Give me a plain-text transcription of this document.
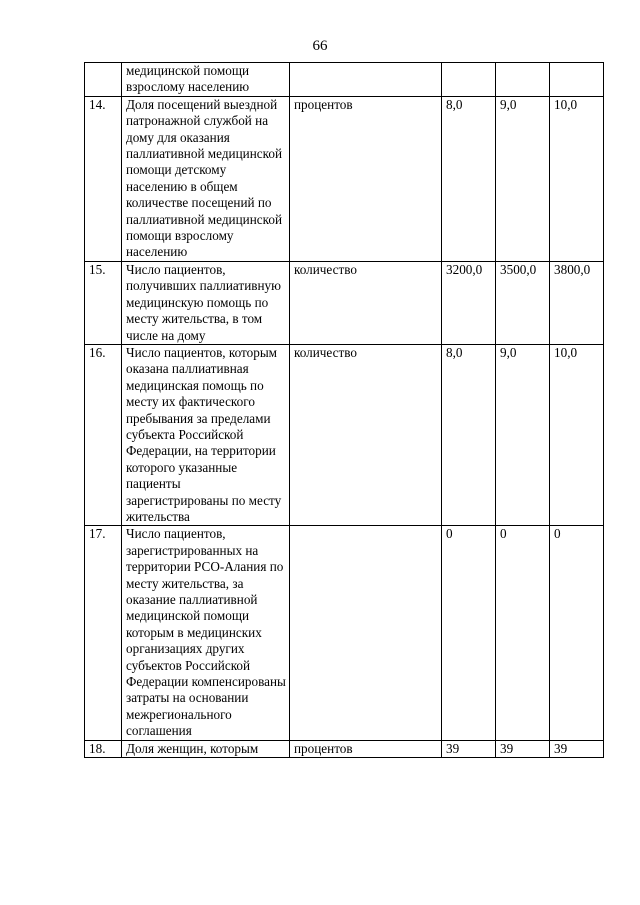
66
	медицинской помощи взрослому населению				
14.	Доля посещений выездной патронажной службой на дому для оказания паллиативной медицинской помощи детскому населению в общем количестве посещений по паллиативной медицинской помощи взрослому населению	процентов	8,0	9,0	10,0
15.	Число пациентов, получивших паллиативную медицинскую помощь по месту жительства, в том числе на дому	количество	3200,0	3500,0	3800,0
16.	Число пациентов, которым оказана паллиативная медицинская помощь по месту их фактического пребывания за пределами субъекта Российской Федерации, на территории которого указанные пациенты зарегистрированы по месту жительства	количество	8,0	9,0	10,0
17.	Число пациентов, зарегистрированных на территории РСО-Алания по месту жительства, за оказание паллиативной медицинской помощи которым в медицинских организациях других субъектов Российской Федерации компенсированы затраты на основании межрегионального соглашения		0	0	0
18.	Доля женщин, которым	процентов	39	39	39
